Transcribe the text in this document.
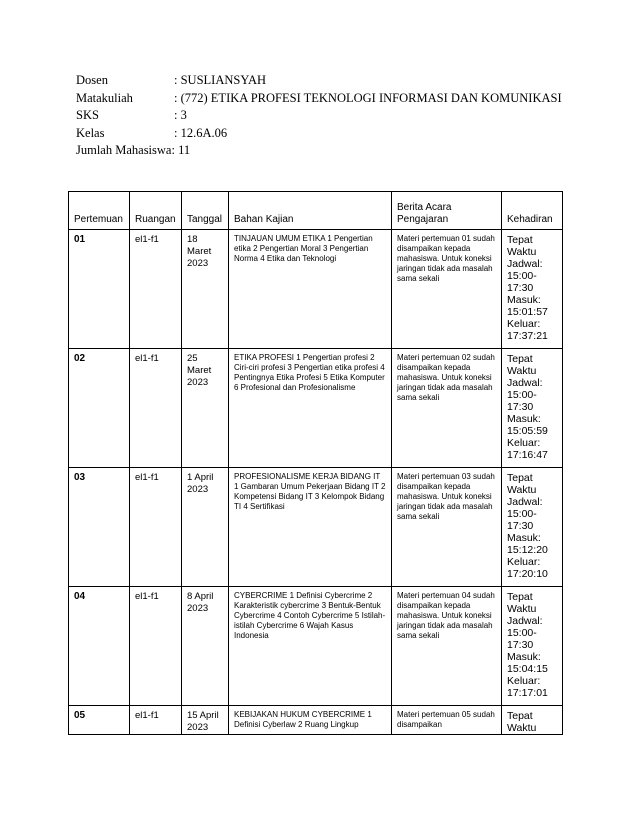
Dosen	: SUSLIANSYAH
Matakuliah	: (772) ETIKA PROFESI TEKNOLOGI INFORMASI DAN KOMUNIKASI
SKS	: 3
Kelas	: 12.6A.06
Jumlah Mahasiswa : 11
Pertemuan	Ruangan	Tanggal	Bahan Kajian	Berita Acara Pengajaran	Kehadiran
01	el1-f1	18 Maret 2023	TINJAUAN UMUM ETIKA 1 Pengertian etika 2 Pengertian Moral 3 Pengertian Norma 4 Etika dan Teknologi	Materi pertemuan 01 sudah disampaikan kepada mahasiswa. Untuk koneksi jaringan tidak ada masalah sama sekali	Tepat Waktu Jadwal: 15:00-17:30 Masuk: 15:01:57 Keluar: 17:37:21
02	el1-f1	25 Maret 2023	ETIKA PROFESI 1 Pengertian profesi 2 Ciri-ciri profesi 3 Pengertian etika profesi 4 Pentingnya Etika Profesi 5 Etika Komputer 6 Profesional dan Profesionalisme	Materi pertemuan 02 sudah disampaikan kepada mahasiswa. Untuk koneksi jaringan tidak ada masalah sama sekali	Tepat Waktu Jadwal: 15:00-17:30 Masuk: 15:05:59 Keluar: 17:16:47
03	el1-f1	1 April 2023	PROFESIONALISME KERJA BIDANG IT 1 Gambaran Umum Pekerjaan Bidang IT 2 Kompetensi Bidang IT 3 Kelompok Bidang TI 4 Sertifikasi	Materi pertemuan 03 sudah disampaikan kepada mahasiswa. Untuk koneksi jaringan tidak ada masalah sama sekali	Tepat Waktu Jadwal: 15:00-17:30 Masuk: 15:12:20 Keluar: 17:20:10
04	el1-f1	8 April 2023	CYBERCRIME 1 Definisi Cybercrime 2 Karakteristik cybercrime 3 Bentuk-Bentuk Cybercrime 4 Contoh Cybercrime 5 Istilah-istilah Cybercrime 6 Wajah Kasus Indonesia	Materi pertemuan 04 sudah disampaikan kepada mahasiswa. Untuk koneksi jaringan tidak ada masalah sama sekali	Tepat Waktu Jadwal: 15:00-17:30 Masuk: 15:04:15 Keluar: 17:17:01
05	el1-f1	15 April 2023	KEBIJAKAN HUKUM CYBERCRIME 1 Definisi Cyberlaw 2 Ruang Lingkup	Materi pertemuan 05 sudah disampaikan	Tepat Waktu
